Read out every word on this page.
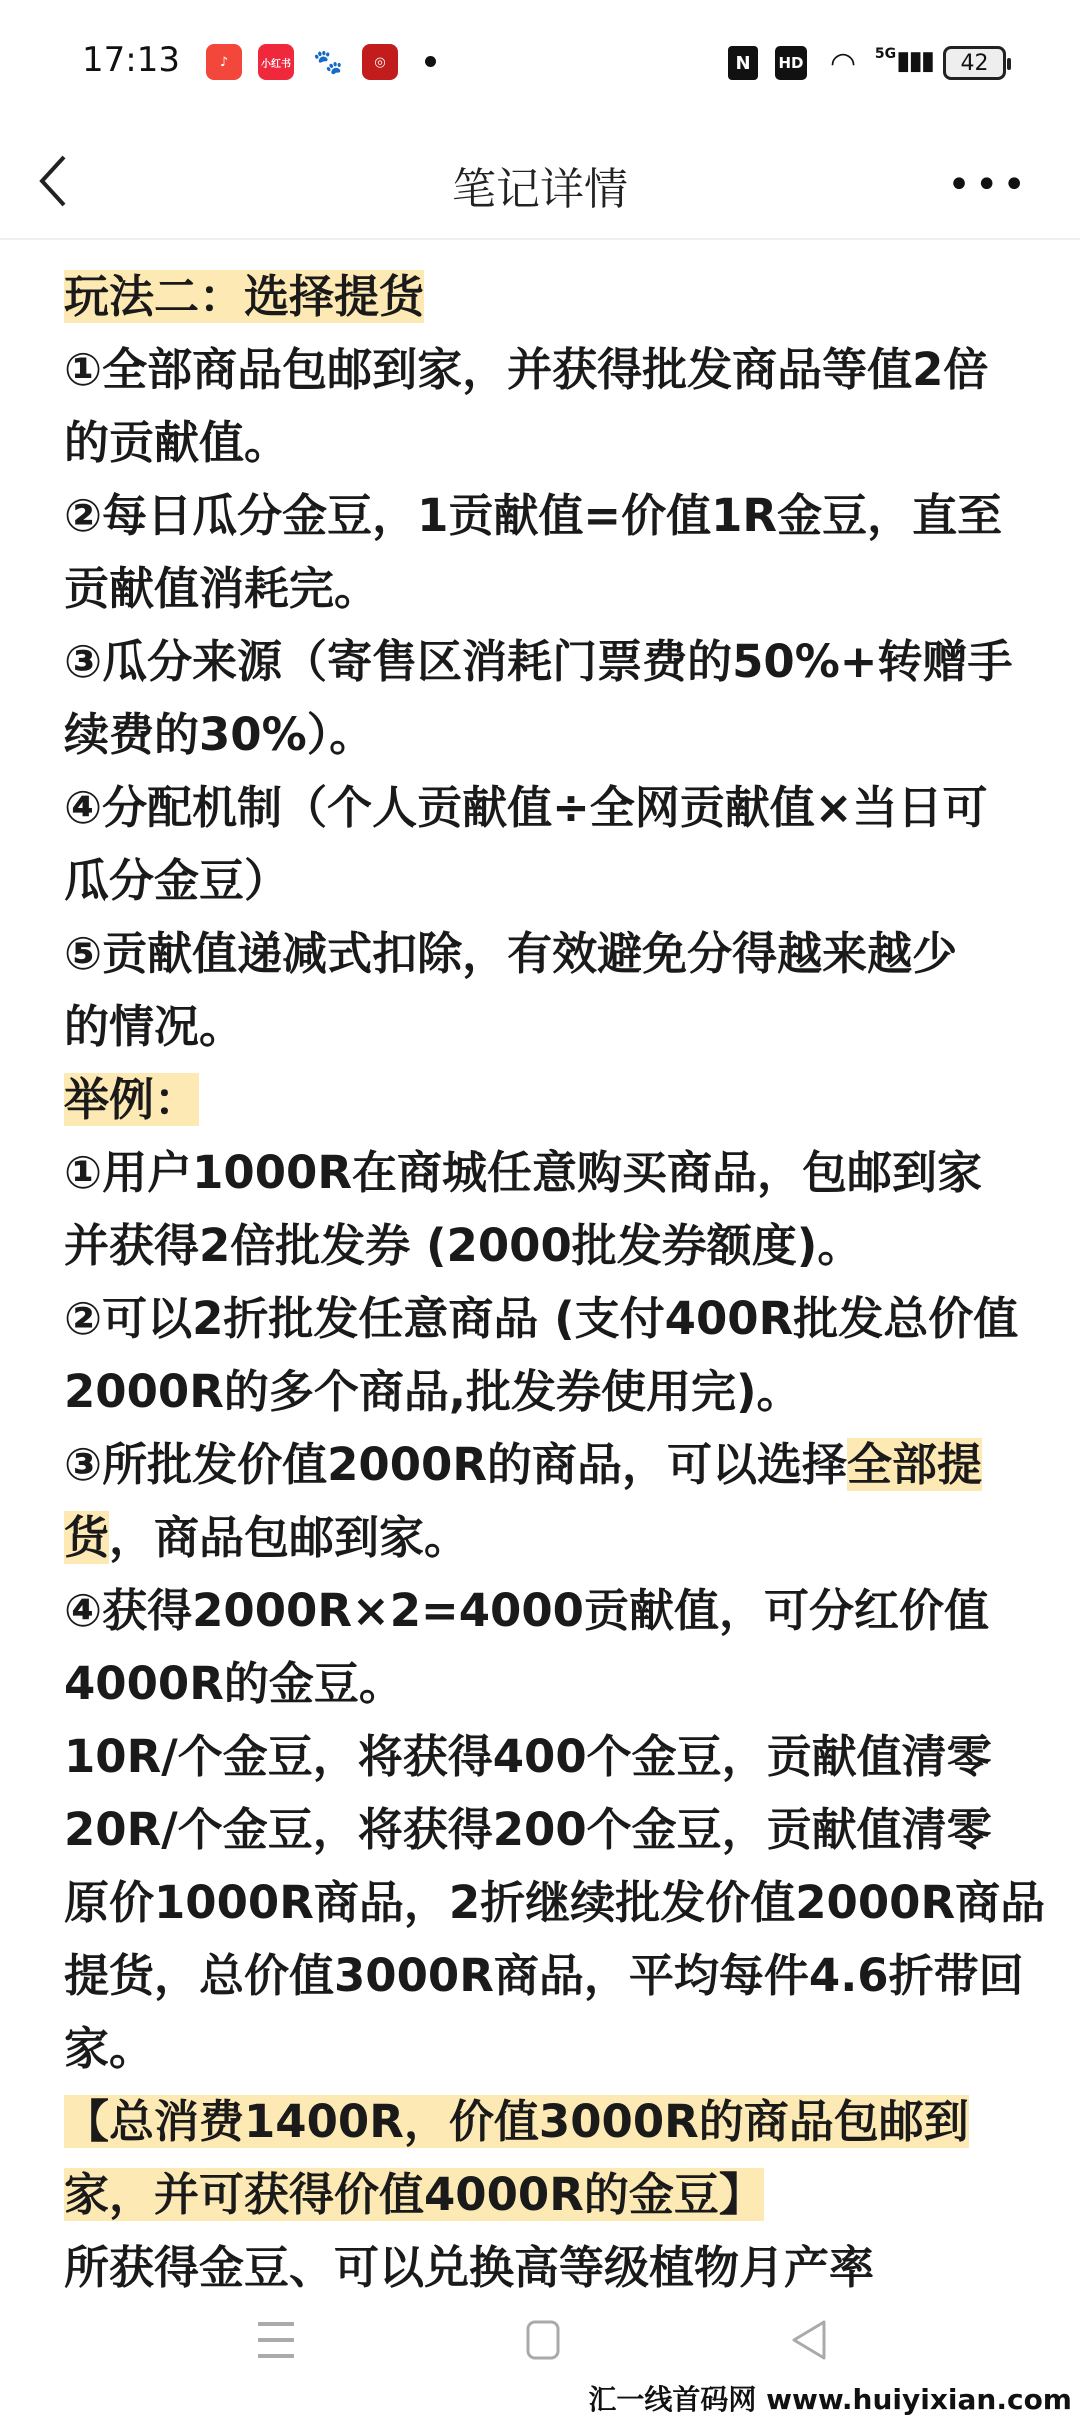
17:13	♪	小红书 🐾	◎	N	HD ◠	5G ▮▮▮	42
笔记详情	•••
玩法二：选择提货
①全部商品包邮到家，并获得批发商品等值2倍
的贡献值。
②每日瓜分金豆，1贡献值=价值1R金豆，直至
贡献值消耗完。
③瓜分来源（寄售区消耗门票费的50%+转赠手
续费的30%）。
④分配机制（个人贡献值÷全网贡献值×当日可
瓜分金豆）
⑤贡献值递减式扣除，有效避免分得越来越少
的情况。
举例：
①用户1000R在商城任意购买商品，包邮到家
并获得2倍批发券 (2000批发券额度)。
②可以2折批发任意商品 (支付400R批发总价值
2000R的多个商品,批发券使用完)。
③所批发价值2000R的商品，可以选择全部提
货，商品包邮到家。
④获得2000R×2=4000贡献值，可分红价值
4000R的金豆。
10R/个金豆，将获得400个金豆，贡献值清零
20R/个金豆，将获得200个金豆，贡献值清零
原价1000R商品，2折继续批发价值2000R商品
提货，总价值3000R商品，平均每件4.6折带回
家。
【总消费1400R，价值3000R的商品包邮到
家，并可获得价值4000R的金豆】
所获得金豆、可以兑换高等级植物月产率
汇一线首码网 www.huiyixian.com
